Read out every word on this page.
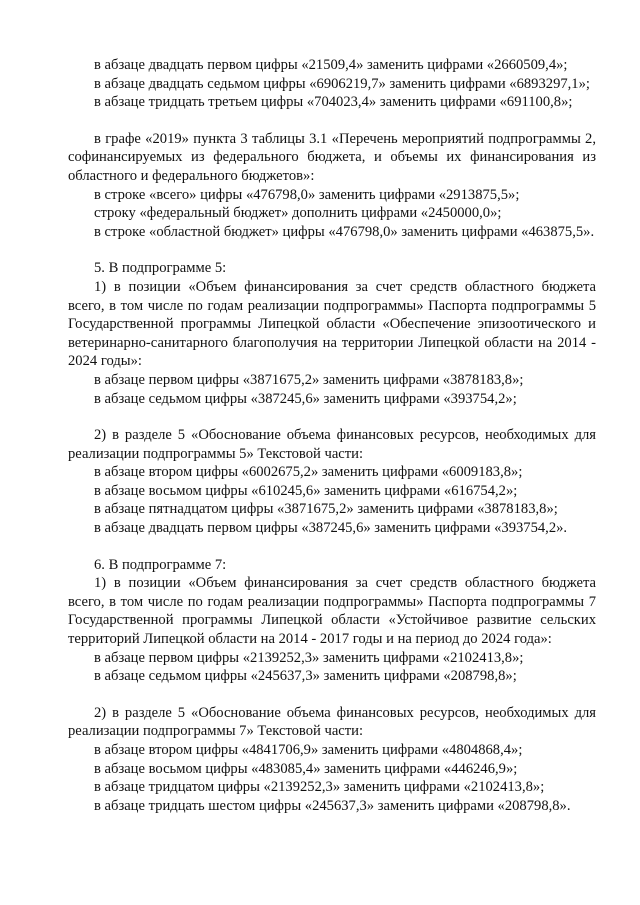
в абзаце двадцать первом цифры «21509,4» заменить цифрами «2660509,4»;

в абзаце двадцать седьмом цифры «6906219,7» заменить цифрами «6893297,1»;

в абзаце тридцать третьем цифры «704023,4» заменить цифрами «691100,8»;

в графе «2019» пункта 3 таблицы 3.1 «Перечень мероприятий подпрограммы 2, софинансируемых из федерального бюджета, и объемы их финансирования из областного и федерального бюджетов»:

в строке «всего» цифры «476798,0» заменить цифрами «2913875,5»;

строку «федеральный бюджет» дополнить цифрами «2450000,0»;

в строке «областной бюджет» цифры «476798,0» заменить цифрами «463875,5».

5. В подпрограмме 5:

1) в позиции «Объем финансирования за счет средств областного бюджета всего, в том числе по годам реализации подпрограммы» Паспорта подпрограммы 5 Государственной программы Липецкой области «Обеспечение эпизоотического и ветеринарно-санитарного благополучия на территории Липецкой области на 2014 - 2024 годы»:

в абзаце первом цифры «3871675,2» заменить цифрами «3878183,8»;

в абзаце седьмом цифры «387245,6» заменить цифрами «393754,2»;

2) в разделе 5 «Обоснование объема финансовых ресурсов, необходимых для реализации подпрограммы 5» Текстовой части:

в абзаце втором цифры «6002675,2» заменить цифрами «6009183,8»;

в абзаце восьмом цифры «610245,6» заменить цифрами «616754,2»;

в абзаце пятнадцатом цифры «3871675,2» заменить цифрами «3878183,8»;

в абзаце двадцать первом цифры «387245,6» заменить цифрами «393754,2».

6. В подпрограмме 7:

1) в позиции «Объем финансирования за счет средств областного бюджета всего, в том числе по годам реализации подпрограммы» Паспорта подпрограммы 7 Государственной программы Липецкой области «Устойчивое развитие сельских территорий Липецкой области на 2014 - 2017 годы и на период до 2024 года»:

в абзаце первом цифры «2139252,3» заменить цифрами «2102413,8»;

в абзаце седьмом цифры «245637,3» заменить цифрами «208798,8»;

2) в разделе 5 «Обоснование объема финансовых ресурсов, необходимых для реализации подпрограммы 7» Текстовой части:

в абзаце втором цифры «4841706,9» заменить цифрами «4804868,4»;

в абзаце восьмом цифры «483085,4» заменить цифрами «446246,9»;

в абзаце тридцатом цифры «2139252,3» заменить цифрами «2102413,8»;

в абзаце тридцать шестом цифры «245637,3» заменить цифрами «208798,8».
